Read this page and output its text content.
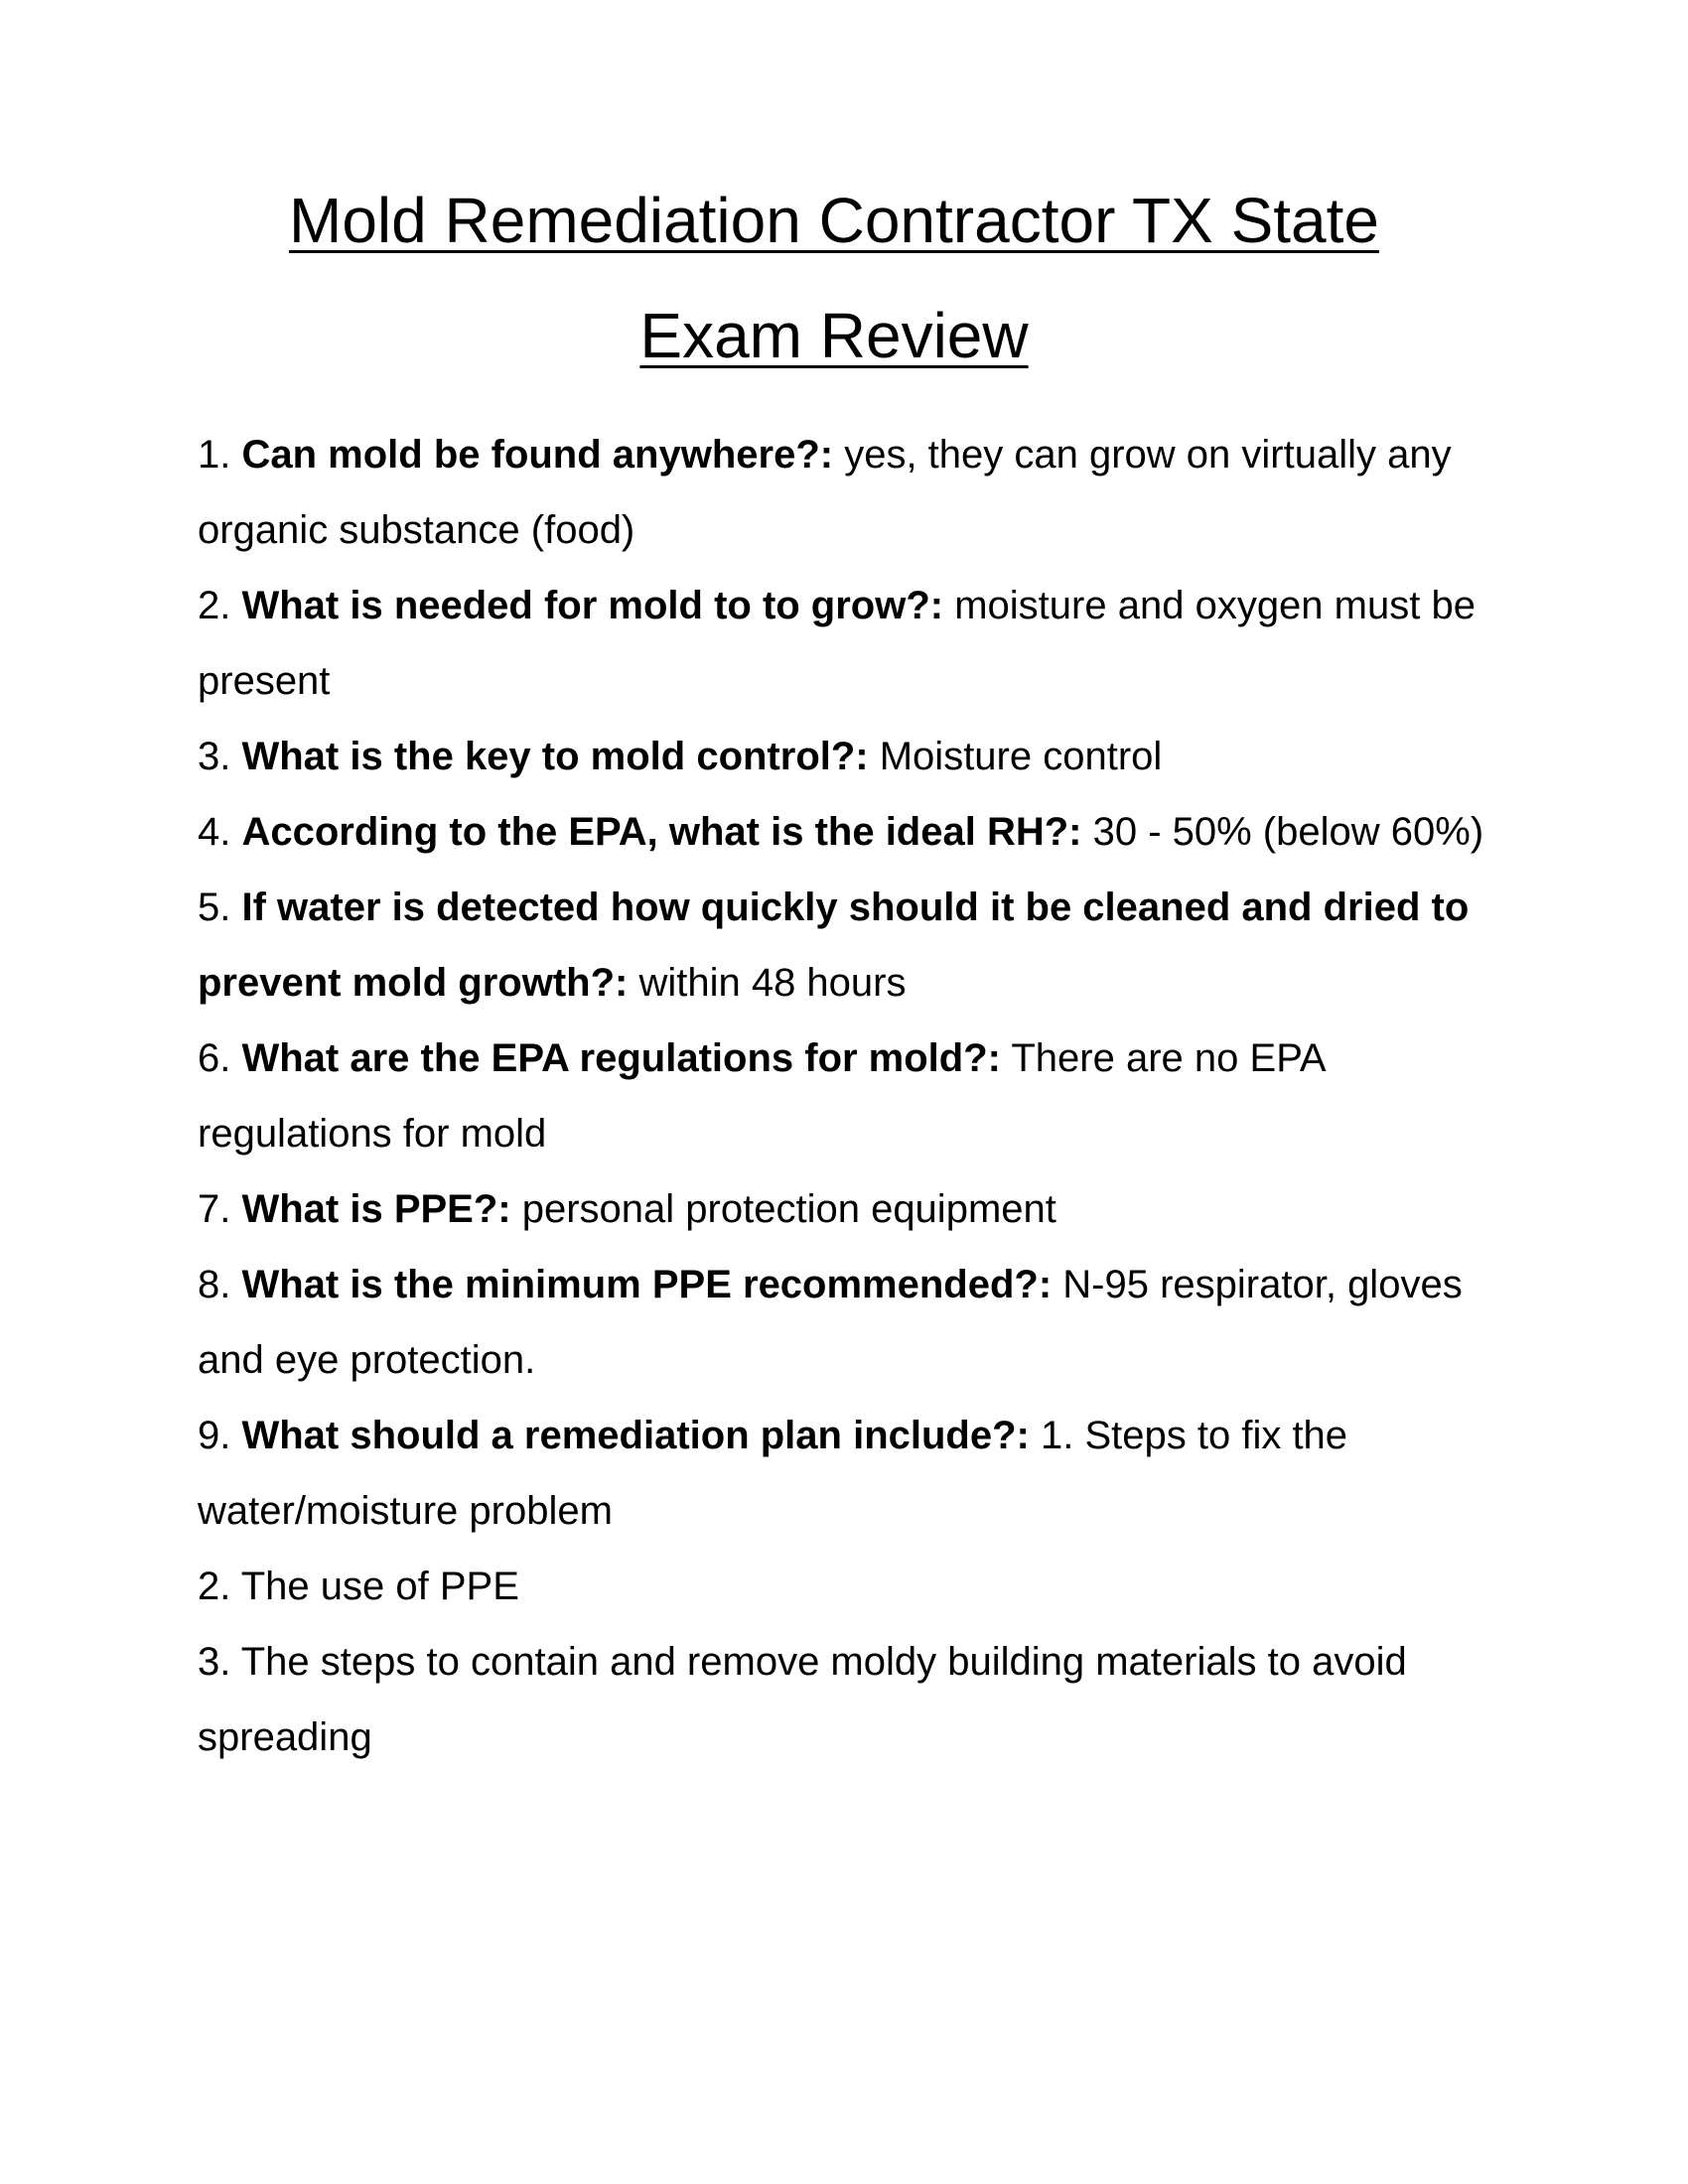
Mold Remediation Contractor TX State
Exam Review

1. Can mold be found anywhere?: yes, they can grow on virtually any organic substance (food)

2. What is needed for mold to to grow?: moisture and oxygen must be present

3. What is the key to mold control?: Moisture control

4. According to the EPA, what is the ideal RH?: 30 - 50% (below 60%)

5. If water is detected how quickly should it be cleaned and dried to prevent mold growth?: within 48 hours

6. What are the EPA regulations for mold?: There are no EPA regulations for mold

7. What is PPE?: personal protection equipment

8. What is the minimum PPE recommended?: N-95 respirator, gloves and eye protection.

9. What should a remediation plan include?: 1. Steps to fix the water/moisture problem

2. The use of PPE

3. The steps to contain and remove moldy building materials to avoid spreading
